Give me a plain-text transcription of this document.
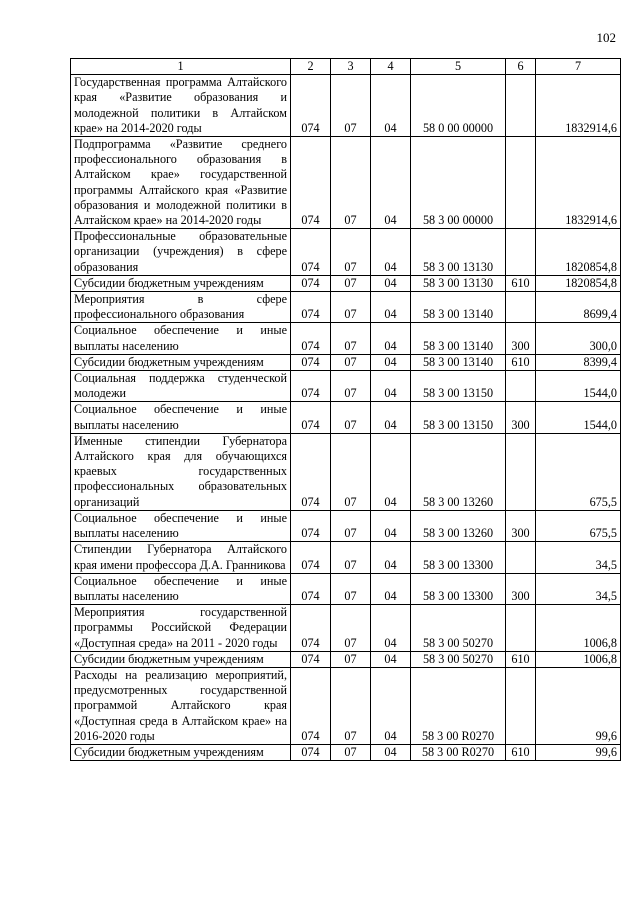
102
1	2	3	4	5	6	7
Государственная программа Алтайского края «Развитие образования и молодежной политики в Алтайском крае» на 2014-2020 годы	074	07	04	58 0 00 00000		1832914,6
Подпрограмма «Развитие среднего профессионального образования в Алтайском крае» государственной программы Алтайского края «Развитие образования и молодежной политики в Алтайском крае» на 2014-2020 годы	074	07	04	58 3 00 00000		1832914,6
Профессиональные образовательные организации (учреждения) в сфере образования	074	07	04	58 3 00 13130		1820854,8
Субсидии бюджетным учреждениям	074	07	04	58 3 00 13130	610	1820854,8
Мероприятия в сфере профессионального образования	074	07	04	58 3 00 13140		8699,4
Социальное обеспечение и иные выплаты населению	074	07	04	58 3 00 13140	300	300,0
Субсидии бюджетным учреждениям	074	07	04	58 3 00 13140	610	8399,4
Социальная поддержка студенческой молодежи	074	07	04	58 3 00 13150		1544,0
Социальное обеспечение и иные выплаты населению	074	07	04	58 3 00 13150	300	1544,0
Именные стипендии Губернатора Алтайского края для обучающихся краевых государственных профессиональных образовательных организаций	074	07	04	58 3 00 13260		675,5
Социальное обеспечение и иные выплаты населению	074	07	04	58 3 00 13260	300	675,5
Стипендии Губернатора Алтайского края имени профессора Д.А. Гранникова	074	07	04	58 3 00 13300		34,5
Социальное обеспечение и иные выплаты населению	074	07	04	58 3 00 13300	300	34,5
Мероприятия государственной программы Российской Федерации «Доступная среда» на 2011 - 2020 годы	074	07	04	58 3 00 50270		1006,8
Субсидии бюджетным учреждениям	074	07	04	58 3 00 50270	610	1006,8
Расходы на реализацию мероприятий, предусмотренных государственной программой Алтайского края «Доступная среда в Алтайском крае» на 2016-2020 годы	074	07	04	58 3 00 R0270		99,6
Субсидии бюджетным учреждениям	074	07	04	58 3 00 R0270	610	99,6
